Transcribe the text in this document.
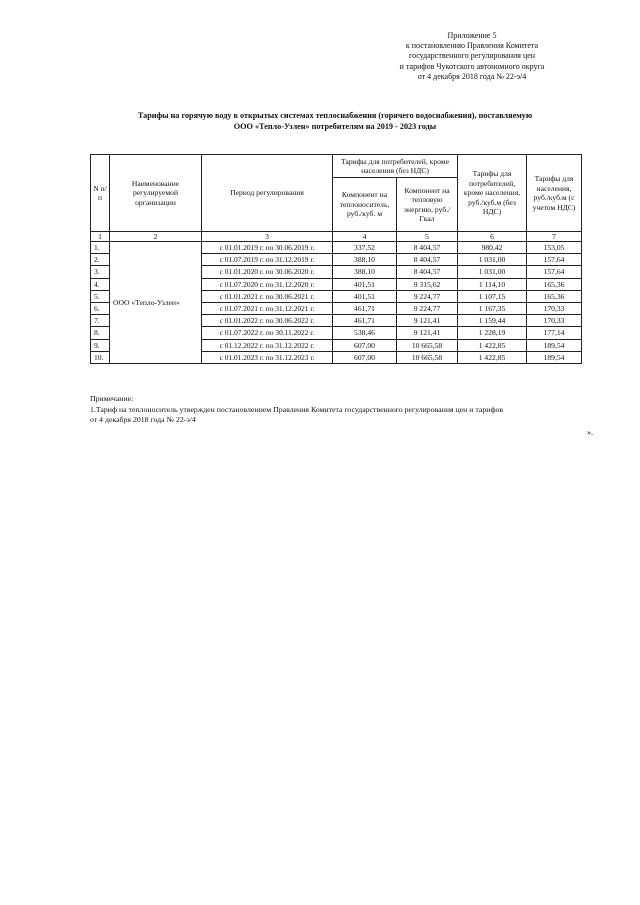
Приложение 5
к постановлению Правления Комитета
государственного регулирования цен
и тарифов Чукотского автономного округа
от 4 декабря 2018 года № 22-э/4
Тарифы на горячую воду в открытых системах теплоснабжения (горячего водоснабжения), поставляемую
ООО «Тепло-Узлен» потребителям на 2019 - 2023 годы
N п/п	Наименование регулируемой организации	Период регулирования	Тарифы для потребителей, кроме населения (без НДС)		Тарифы для потребителей, кроме населения, руб./куб.м (без НДС)	Тарифы для населения, руб./куб.м (с учетом НДС)
			Компонент на теплоноситель, руб./куб. м	Компонент на тепловую энергию, руб./Гкал		
1	2	3	4	5	6	7
1.	ООО «Тепло-Узлен»	с 01.01.2019 г. по 30.06.2019 г.	337,52	8 404,57	980,42	153,05
2.		с 01.07.2019 г. по 31.12.2019 г.	388,10	8 404,57	1 031,00	157,64
3.		с 01.01.2020 г. по 30.06.2020 г.	388,10	8 404,57	1 031,00	157,64
4.		с 01.07.2020 г. по 31.12.2020 г.	401,51	9 315,62	1 114,10	165,36
5.		с 01.01.2021 г. по 30.06.2021 г.	401,51	9 224,77	1 107,15	165,36
6.		с 01.07.2021 г. по 31.12.2021 г.	461,71	9 224,77	1 167,35	170,33
7.		с 01.01.2022 г. по 30.06.2022 г.	461,71	9 121,41	1 159,44	170,33
8.		с 01.07.2022 г. по 30.11.2022 г.	530,46	9 121,41	1 228,19	177,14
9.		с 01.12.2022 г. по 31.12.2022 г.	607,00	10 665,58	1 422,85	189,54
10.		с 01.01.2023 г. по 31.12.2023 г.	607,00	10 665,58	1 422,85	189,54
Примечание:
1.Тариф на теплоноситель утвержден постановлением Правления Комитета государственного регулирования цен и тарифов
от 4 декабря 2018 года № 22-э/4
».
